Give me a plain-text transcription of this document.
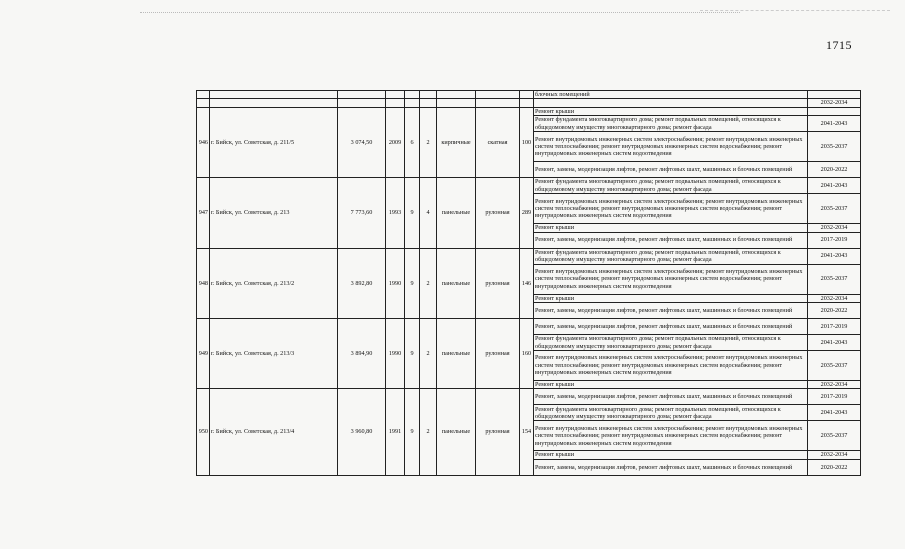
1715
									блочных помещений	
										2032-2034
946	г. Бийск, ул. Советская, д. 211/5	3 074,50	2009	6	2	кирпичные	скатная	100	Ремонт крыши	
									Ремонт фундамента многоквартирного дома; ремонт подвальных помещений, относящихся к общедомовому имуществу многоквартирного дома; ремонт фасада	2041-2043
									Ремонт внутридомовых инженерных систем электроснабжения; ремонт внутридомовых инженерных систем теплоснабжения; ремонт внутридомовых инженерных систем водоснабжения; ремонт внутридомовых инженерных систем водоотведения	2035-2037
									Ремонт, замена, модернизация лифтов, ремонт лифтовых шахт, машинных и блочных помещений	2020-2022
947	г. Бийск, ул. Советская, д. 213	7 773,60	1993	9	4	панельные	рулонная	289	Ремонт фундамента многоквартирного дома; ремонт подвальных помещений, относящихся к общедомовому имуществу многоквартирного дома; ремонт фасада	2041-2043
									Ремонт внутридомовых инженерных систем электроснабжения; ремонт внутридомовых инженерных систем теплоснабжения; ремонт внутридомовых инженерных систем водоснабжения; ремонт внутридомовых инженерных систем водоотведения	2035-2037
									Ремонт крыши	2032-2034
									Ремонт, замена, модернизация лифтов, ремонт лифтовых шахт, машинных и блочных помещений	2017-2019
948	г. Бийск, ул. Советская, д. 213/2	3 892,80	1990	9	2	панельные	рулонная	146	Ремонт фундамента многоквартирного дома; ремонт подвальных помещений, относящихся к общедомовому имуществу многоквартирного дома; ремонт фасада	2041-2043
									Ремонт внутридомовых инженерных систем электроснабжения; ремонт внутридомовых инженерных систем теплоснабжения; ремонт внутридомовых инженерных систем водоснабжения; ремонт внутридомовых инженерных систем водоотведения	2035-2037
									Ремонт крыши	2032-2034
									Ремонт, замена, модернизация лифтов, ремонт лифтовых шахт, машинных и блочных помещений	2020-2022
949	г. Бийск, ул. Советская, д. 213/3	3 894,90	1990	9	2	панельные	рулонная	160	Ремонт, замена, модернизация лифтов, ремонт лифтовых шахт, машинных и блочных помещений	2017-2019
									Ремонт фундамента многоквартирного дома; ремонт подвальных помещений, относящихся к общедомовому имуществу многоквартирного дома; ремонт фасада	2041-2043
									Ремонт внутридомовых инженерных систем электроснабжения; ремонт внутридомовых инженерных систем теплоснабжения; ремонт внутридомовых инженерных систем водоснабжения; ремонт внутридомовых инженерных систем водоотведения	2035-2037
									Ремонт крыши	2032-2034
950	г. Бийск, ул. Советская, д. 213/4	3 960,80	1991	9	2	панельные	рулонная	154	Ремонт, замена, модернизация лифтов, ремонт лифтовых шахт, машинных и блочных помещений	2017-2019
									Ремонт фундамента многоквартирного дома; ремонт подвальных помещений, относящихся к общедомовому имуществу многоквартирного дома; ремонт фасада	2041-2043
									Ремонт внутридомовых инженерных систем электроснабжения; ремонт внутридомовых инженерных систем теплоснабжения; ремонт внутридомовых инженерных систем водоснабжения; ремонт внутридомовых инженерных систем водоотведения	2035-2037
									Ремонт крыши	2032-2034
									Ремонт, замена, модернизация лифтов, ремонт лифтовых шахт, машинных и блочных помещений	2020-2022
